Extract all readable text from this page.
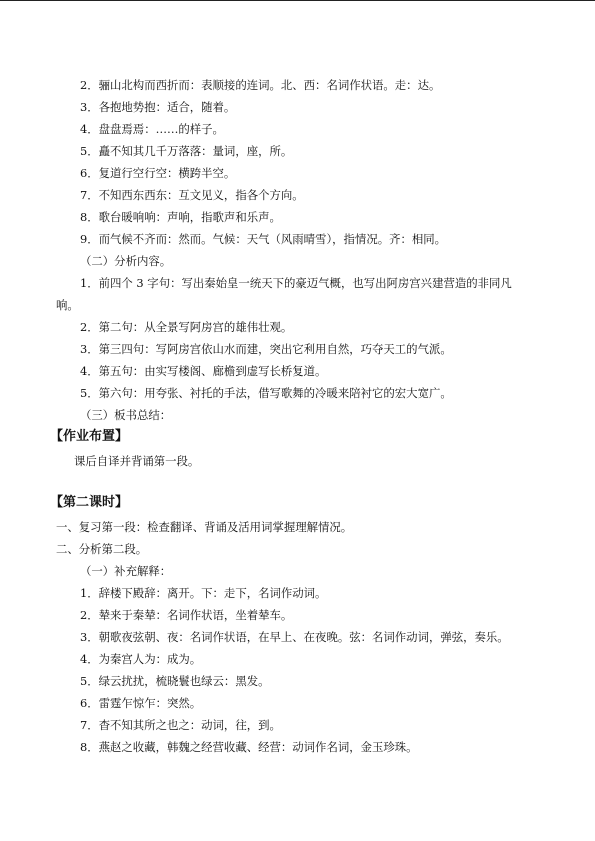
2．骊山北构而西折而：表顺接的连词。北、西：名词作状语。走：达。
3．各抱地势抱：适合，随着。
4．盘盘焉焉：……的样子。
5．矗不知其几千万落落：量词，座，所。
6．复道行空行空：横跨半空。
7．不知西东西东：互文见义，指各个方向。
8．歌台暖响响：声响，指歌声和乐声。
9．而气候不齐而：然而。气候：天气（风雨晴雪），指情况。齐：相同。
（二）分析内容。
1．前四个 3 字句：写出秦始皇一统天下的豪迈气概，也写出阿房宫兴建营造的非同凡
响。
2．第二句：从全景写阿房宫的雄伟壮观。
3．第三四句：写阿房宫依山水而建，突出它利用自然，巧夺天工的气派。
4．第五句：由实写楼阁、廊檐到虚写长桥复道。
5．第六句：用夸张、衬托的手法，借写歌舞的冷暖来陪衬它的宏大宽广。
（三）板书总结：
【作业布置】
课后自译并背诵第一段。
【第二课时】
一、复习第一段：检查翻译、背诵及活用词掌握理解情况。
二、分析第二段。
（一）补充解释：
1．辞楼下殿辞：离开。下：走下，名词作动词。
2．辇来于秦辇：名词作状语，坐着辇车。
3．朝歌夜弦朝、夜：名词作状语，在早上、在夜晚。弦：名词作动词，弹弦，奏乐。
4．为秦宫人为：成为。
5．绿云扰扰，梳晓鬟也绿云：黑发。
6．雷霆乍惊乍：突然。
7．杳不知其所之也之：动词，往，到。
8．燕赵之收藏，韩魏之经营收藏、经营：动词作名词，金玉珍珠。
